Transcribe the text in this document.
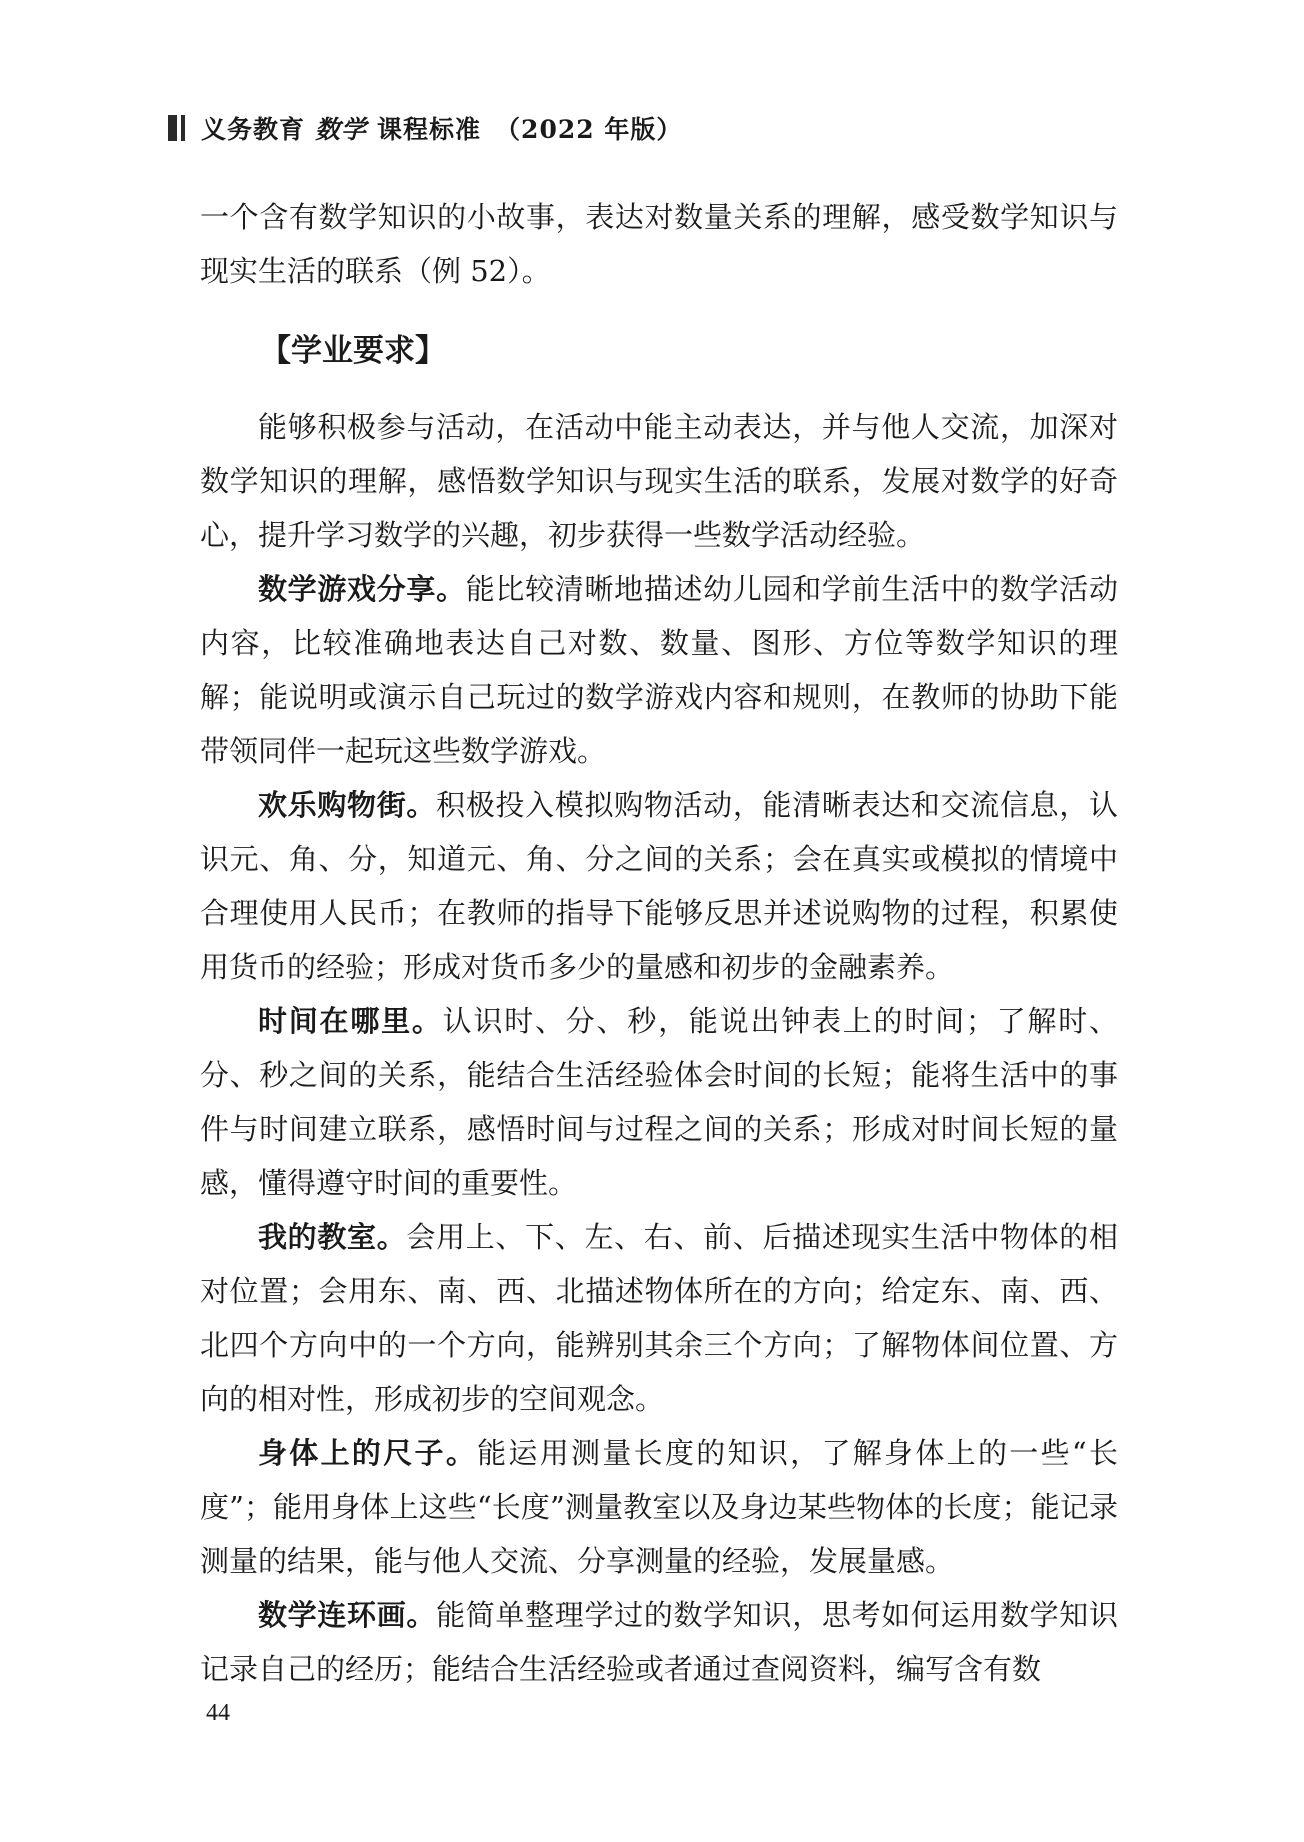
义务教育 数学 课程标准 （2022 年版）

一个含有数学知识的小故事，表达对数量关系的理解，感受数学知识与现实生活的联系（例 52）。

【学业要求】

能够积极参与活动，在活动中能主动表达，并与他人交流，加深对数学知识的理解，感悟数学知识与现实生活的联系，发展对数学的好奇心，提升学习数学的兴趣，初步获得一些数学活动经验。

数学游戏分享。能比较清晰地描述幼儿园和学前生活中的数学活动内容，比较准确地表达自己对数、数量、图形、方位等数学知识的理解；能说明或演示自己玩过的数学游戏内容和规则，在教师的协助下能带领同伴一起玩这些数学游戏。

欢乐购物街。积极投入模拟购物活动，能清晰表达和交流信息，认识元、角、分，知道元、角、分之间的关系；会在真实或模拟的情境中合理使用人民币；在教师的指导下能够反思并述说购物的过程，积累使用货币的经验；形成对货币多少的量感和初步的金融素养。

时间在哪里。认识时、分、秒，能说出钟表上的时间；了解时、分、秒之间的关系，能结合生活经验体会时间的长短；能将生活中的事件与时间建立联系，感悟时间与过程之间的关系；形成对时间长短的量感，懂得遵守时间的重要性。

我的教室。会用上、下、左、右、前、后描述现实生活中物体的相对位置；会用东、南、西、北描述物体所在的方向；给定东、南、西、北四个方向中的一个方向，能辨别其余三个方向；了解物体间位置、方向的相对性，形成初步的空间观念。

身体上的尺子。能运用测量长度的知识，了解身体上的一些“长度”；能用身体上这些“长度”测量教室以及身边某些物体的长度；能记录测量的结果，能与他人交流、分享测量的经验，发展量感。

数学连环画。能简单整理学过的数学知识，思考如何运用数学知识记录自己的经历；能结合生活经验或者通过查阅资料，编写含有数

44
